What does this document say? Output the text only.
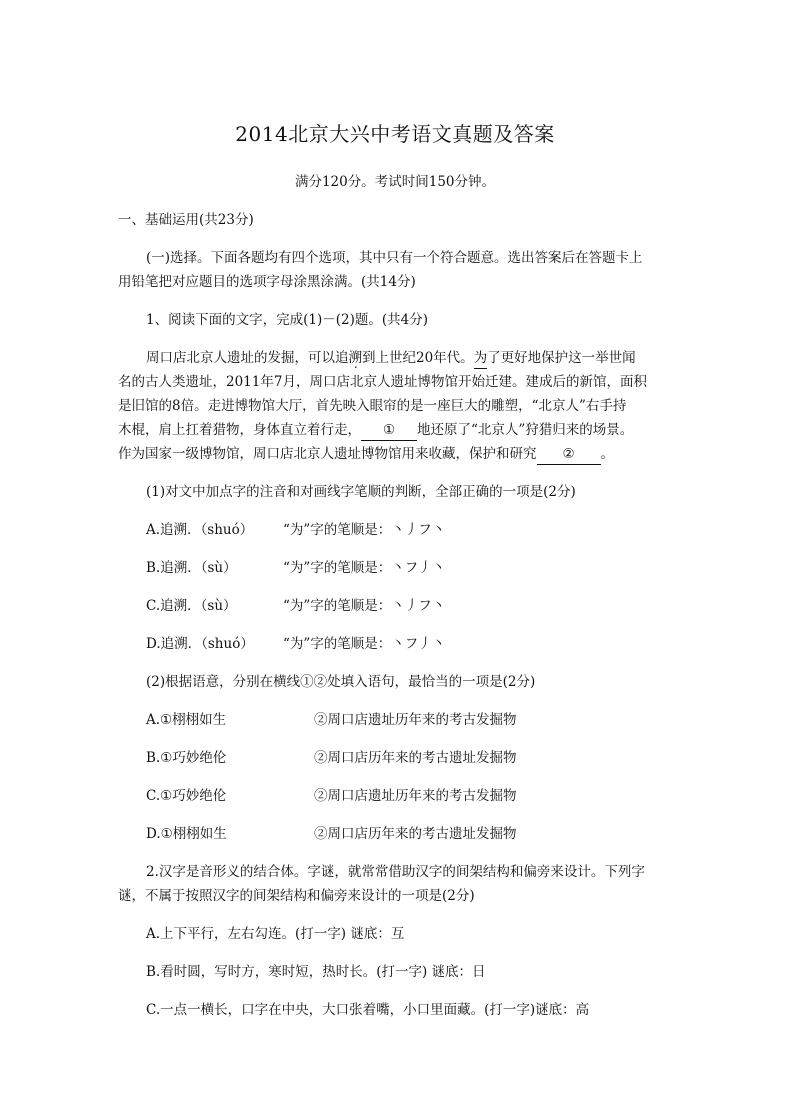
2014北京大兴中考语文真题及答案
满分120分。考试时间150分钟。
一、基础运用(共23分)
(一)选择。下面各题均有四个选项，其中只有一个符合题意。选出答案后在答题卡上
用铅笔把对应题目的选项字母涂黑涂满。(共14分)
1、阅读下面的文字，完成(1)－(2)题。(共4分)
周口店北京人遗址的发掘，可以追溯到上世纪20年代。为了更好地保护这一举世闻
名的古人类遗址，2011年7月，周口店北京人遗址博物馆开始迁建。建成后的新馆，面积
是旧馆的8倍。走进博物馆大厅，首先映入眼帘的是一座巨大的雕塑，“北京人”右手持
木棍，肩上扛着猎物，身体直立着行走， ① 地还原了“北京人”狩猎归来的场景。
作为国家一级博物馆，周口店北京人遗址博物馆用来收藏，保护和研究 ② 。
(1)对文中加点字的注音和对画线字笔顺的判断，全部正确的一项是(2分)
A.追溯．（shuó） “为”字的笔顺是：丶丿フ丶
B.追溯．（sù）	“为”字的笔顺是：丶フ丿丶
C.追溯．（sù）	“为”字的笔顺是：丶丿フ丶
D.追溯．（shuó） “为”字的笔顺是：丶フ丿丶
(2)根据语意，分别在横线①②处填入语句，最恰当的一项是(2分)
A.①栩栩如生	②周口店遗址历年来的考古发掘物
B.①巧妙绝伦	②周口店历年来的考古遗址发掘物
C.①巧妙绝伦	②周口店遗址历年来的考古发掘物
D.①栩栩如生	②周口店历年来的考古遗址发掘物
2.汉字是音形义的结合体。字谜，就常常借助汉字的间架结构和偏旁来设计。下列字
谜，不属于按照汉字的间架结构和偏旁来设计的一项是(2分)
A.上下平行，左右勾连。(打一字) 谜底：互
B.看时圆，写时方，寒时短，热时长。(打一字) 谜底：日
C.一点一横长，口字在中央，大口张着嘴，小口里面藏。(打一字)谜底：高
